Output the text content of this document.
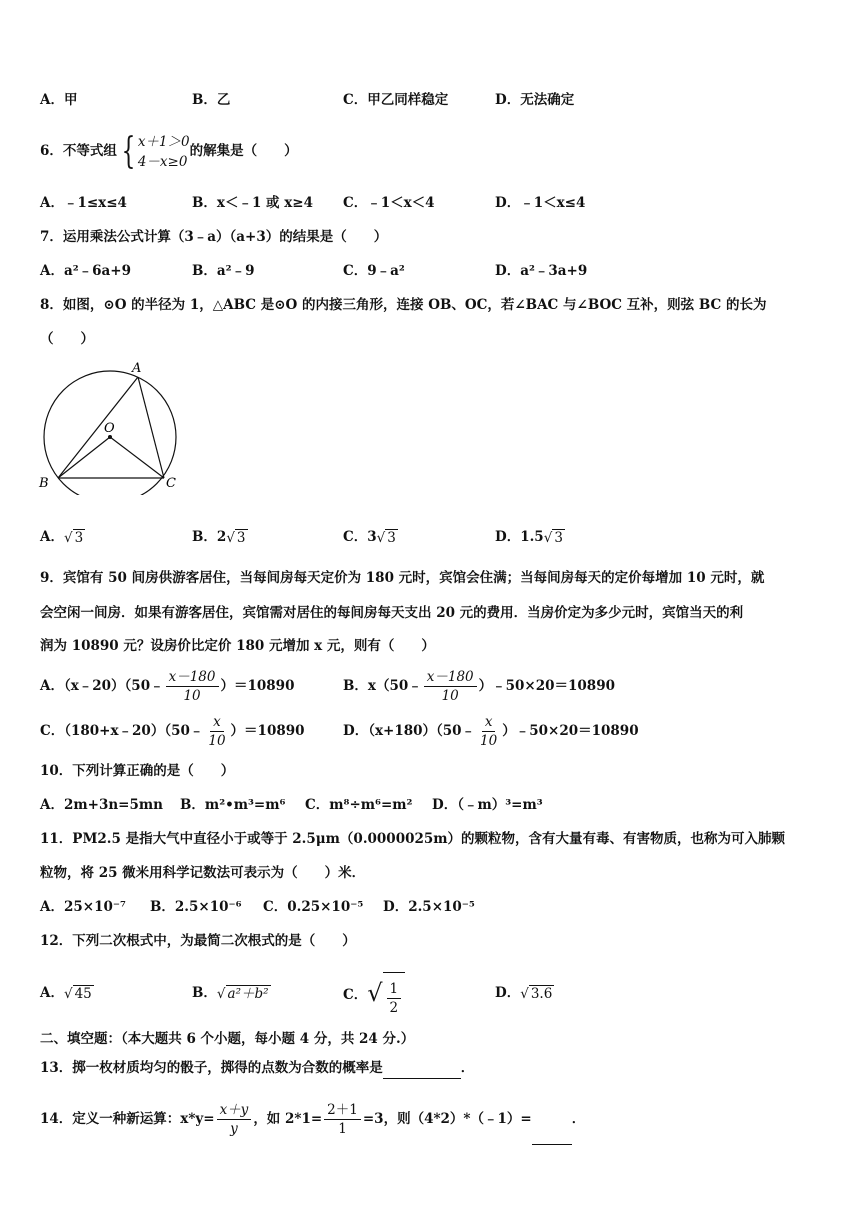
A．甲	B．乙	C．甲乙同样稳定	D．无法确定
6．不等式组 { x＋1＞0
4－x≥0
的解集是（　　）
A．﹣1≤x≤4	B．x＜﹣1 或 x≥4 C．﹣1＜x＜4	D．﹣1＜x≤4
7．运用乘法公式计算（3﹣a）（a+3）的结果是（　　）
A．a²﹣6a+9	B．a²﹣9	C．9﹣a²	D．a²﹣3a+9
8．如图，⊙O 的半径为 1，△ABC 是⊙O 的内接三角形，连接 OB、OC，若∠BAC 与∠BOC 互补，则弦 BC 的长为
（　　）
A
O
B	C
A．√ 3	B．2√ 3	C．3√ 3	D．1.5√ 3
9．宾馆有 50 间房供游客居住，当每间房每天定价为 180 元时，宾馆会住满；当每间房每天的定价每增加 10 元时，就
会空闲一间房．如果有游客居住，宾馆需对居住的每间房每天支出 20 元的费用．当房价定为多少元时，宾馆当天的利
润为 10890 元？设房价比定价 180 元增加 x 元，则有（　　）
A．（x﹣20）（50﹣ $\frac{x-180}{10} )=10890$	B．x（50﹣ $\frac{x-180}{10}$ ）﹣50×20＝10890
C．（180+x﹣20）（50﹣ $\frac{x}{10} )=10890$	D．（x+180）（50﹣ $\frac{x}{10}$ ）﹣50×20＝10890
10．下列计算正确的是（　　）
A．2m+3n=5mn B．m²•m³=m⁶ C．m⁸÷m⁶=m² D．（﹣m）³=m³
11．PM2.5 是指大气中直径小于或等于 2.5μm（0.0000025m）的颗粒物，含有大量有毒、有害物质，也称为可入肺颗
粒物，将 25 微米用科学记数法可表示为（　　）米．
A．25×10⁻⁷ B．2.5×10⁻⁶ C．0.25×10⁻⁵ D．2.5×10⁻⁵
12．下列二次根式中，为最简二次根式的是（　　）
A．√ 45	B．√ a²＋b²	C．√ $\frac{1}{2}$	D．√ 3.6
二、填空题：（本大题共 6 个小题，每小题 4 分，共 24 分.）
13．掷一枚材质均匀的骰子，掷得的点数为合数的概率是	．
14．定义一种新运算：$x*y= \frac{x+y}{y}$ ，如 $2*1= \frac{2+1}{1} =3$，则（4*2）*（﹣1）=	．
